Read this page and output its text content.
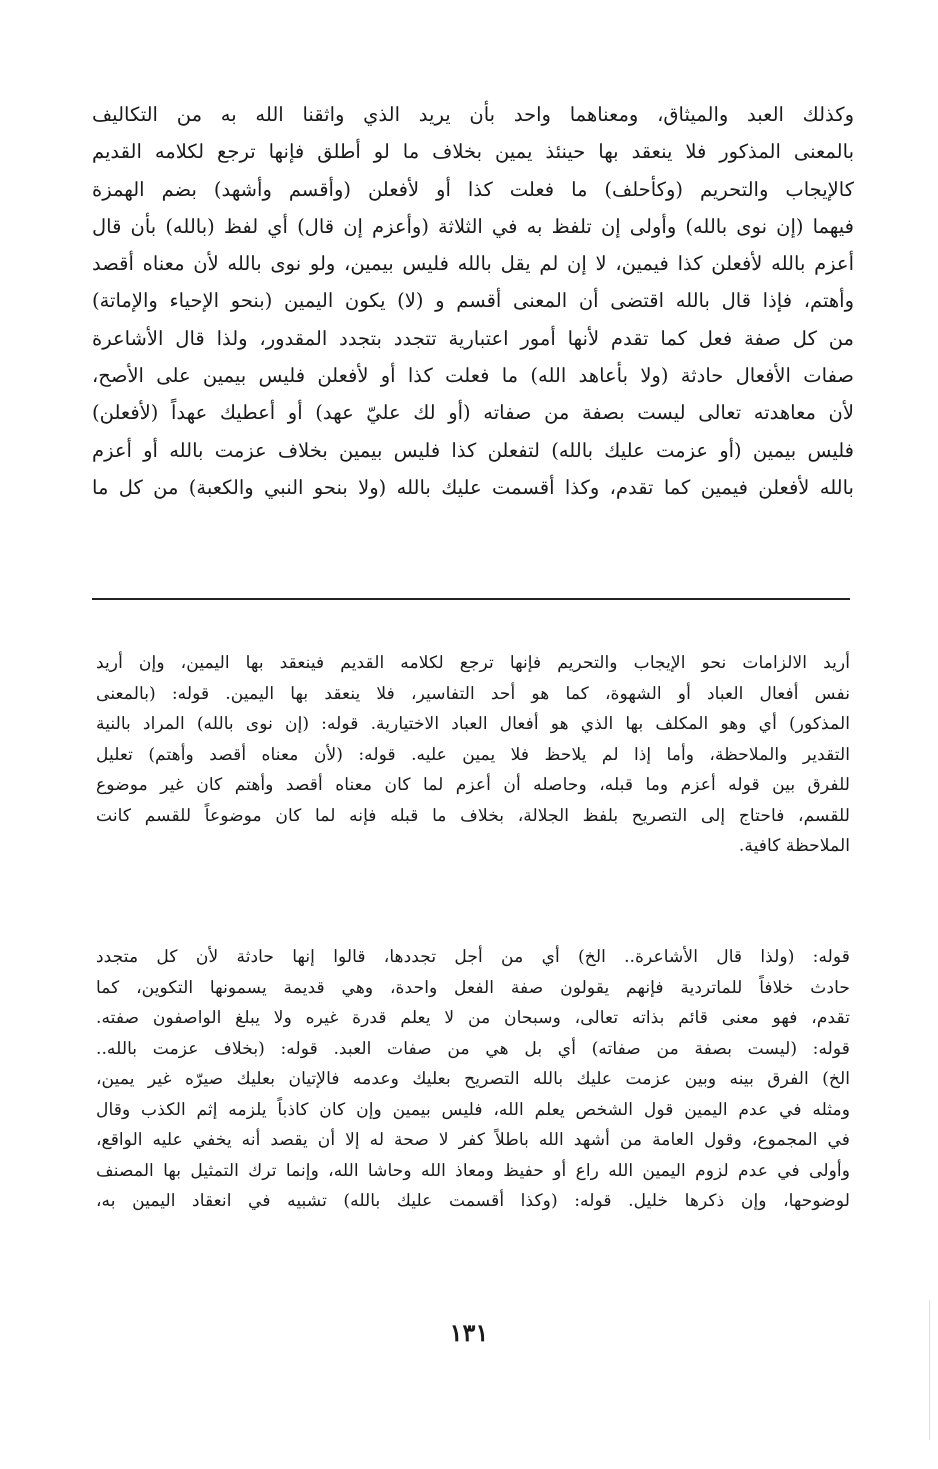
وكذلك العبد والميثاق، ومعناهما واحد بأن يريد الذي واثقنا الله به من التكاليف
بالمعنى المذكور فلا ينعقد بها حينئذ يمين بخلاف ما لو أطلق فإنها ترجع لكلامه القديم
كالإيجاب والتحريم (وكأحلف) ما فعلت كذا أو لأفعلن (وأقسم وأشهد) بضم الهمزة
فيهما (إن نوى بالله) وأولى إن تلفظ به في الثلاثة (وأعزم إن قال) أي لفظ (بالله) بأن قال
أعزم بالله لأفعلن كذا فيمين، لا إن لم يقل بالله فليس بيمين، ولو نوى بالله لأن معناه أقصد
وأهتم، فإذا قال بالله اقتضى أن المعنى أقسم و (لا) يكون اليمين (بنحو الإحياء والإماتة)
من كل صفة فعل كما تقدم لأنها أمور اعتبارية تتجدد بتجدد المقدور، ولذا قال الأشاعرة
صفات الأفعال حادثة (ولا بأعاهد الله) ما فعلت كذا أو لأفعلن فليس بيمين على الأصح،
لأن معاهدته تعالى ليست بصفة من صفاته (أو لك عليّ عهد) أو أعطيك عهداً (لأفعلن)
فليس بيمين (أو عزمت عليك بالله) لتفعلن كذا فليس بيمين بخلاف عزمت بالله أو أعزم
بالله لأفعلن فيمين كما تقدم، وكذا أقسمت عليك بالله (ولا بنحو النبي والكعبة) من كل ما
أريد الالزامات نحو الإيجاب والتحريم فإنها ترجع لكلامه القديم فينعقد بها اليمين، وإن أريد
نفس أفعال العباد أو الشهوة، كما هو أحد التفاسير، فلا ينعقد بها اليمين. قوله: (بالمعنى
المذكور) أي وهو المكلف بها الذي هو أفعال العباد الاختيارية. قوله: (إن نوى بالله) المراد بالنية
التقدير والملاحظة، وأما إذا لم يلاحظ فلا يمين عليه. قوله: (لأن معناه أقصد وأهتم) تعليل
للفرق بين قوله أعزم وما قبله، وحاصله أن أعزم لما كان معناه أقصد وأهتم كان غير موضوع
للقسم، فاحتاج إلى التصريح بلفظ الجلالة، بخلاف ما قبله فإنه لما كان موضوعاً للقسم كانت
الملاحظة كافية.
قوله: (ولذا قال الأشاعرة.. الخ) أي من أجل تجددها، قالوا إنها حادثة لأن كل متجدد
حادث خلافاً للماتردية فإنهم يقولون صفة الفعل واحدة، وهي قديمة يسمونها التكوين، كما
تقدم، فهو معنى قائم بذاته تعالى، وسبحان من لا يعلم قدرة غيره ولا يبلغ الواصفون صفته.
قوله: (ليست بصفة من صفاته) أي بل هي من صفات العبد. قوله: (بخلاف عزمت بالله..
الخ) الفرق بينه وبين عزمت عليك بالله التصريح بعليك وعدمه فالإتيان بعليك صيرّه غير يمين،
ومثله في عدم اليمين قول الشخص يعلم الله، فليس بيمين وإن كان كاذباً يلزمه إثم الكذب وقال
في المجموع، وقول العامة من أشهد الله باطلاً كفر لا صحة له إلا أن يقصد أنه يخفي عليه الواقع،
وأولى في عدم لزوم اليمين الله راع أو حفيظ ومعاذ الله وحاشا الله، وإنما ترك التمثيل بها المصنف
لوضوحها، وإن ذكرها خليل. قوله: (وكذا أقسمت عليك بالله) تشبيه في انعقاد اليمين به،
١٣١
